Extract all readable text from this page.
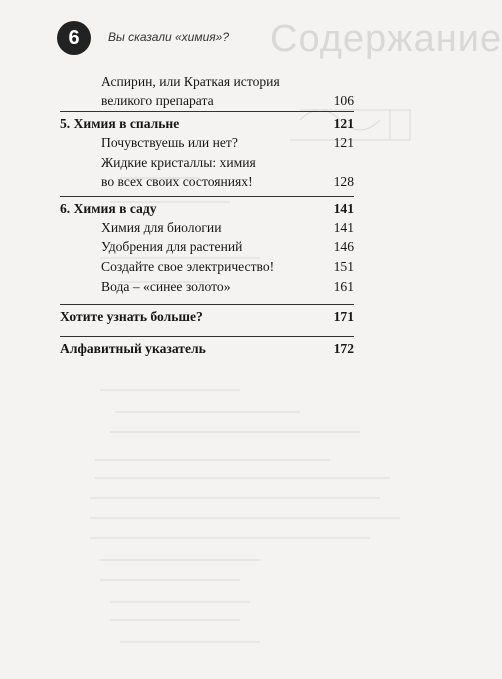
Содержание
6	Вы сказали «химия»?
Аспирин, или Краткая история
великого препарата	106
5. Химия в спальне	121
Почувствуешь или нет?	121
Жидкие кристаллы: химия
во всех своих состояниях!	128
6. Химия в саду	141
Химия для биологии	141
Удобрения для растений	146
Создайте свое электричество!	151
Вода – «синее золото»	161
Хотите узнать больше?	171
Алфавитный указатель	172
